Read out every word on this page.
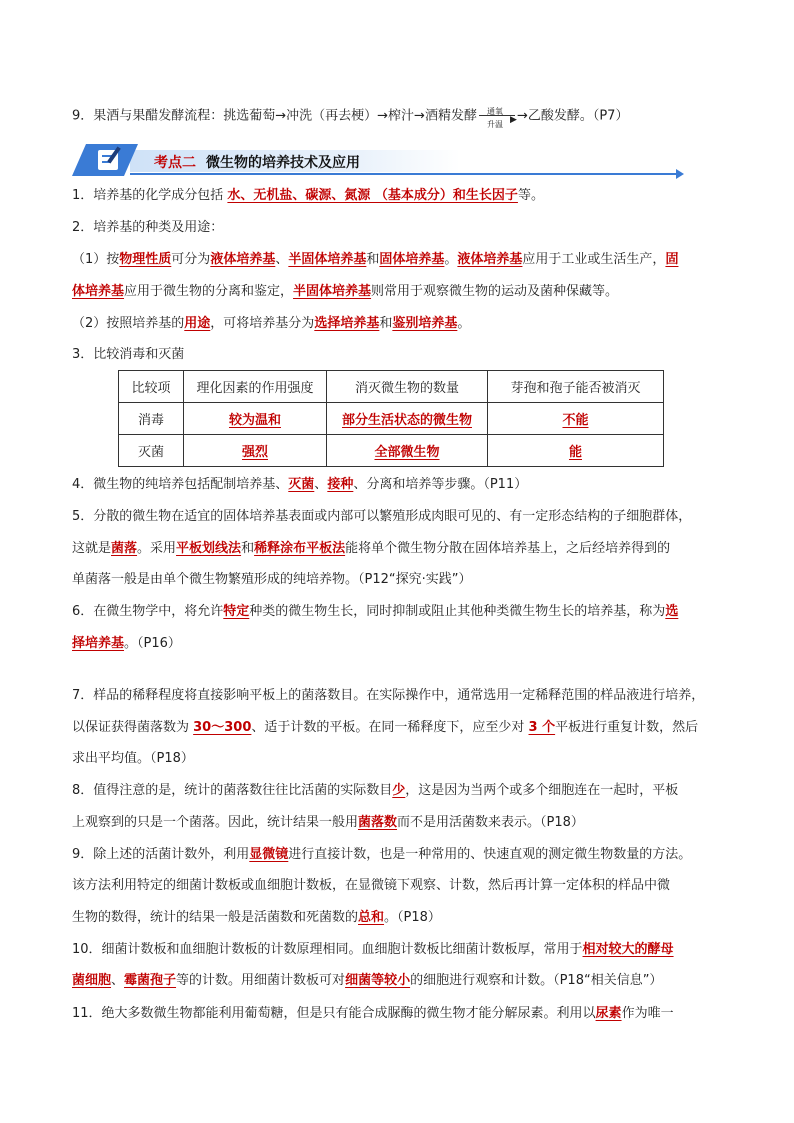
9．果酒与果醋发酵流程：挑选葡萄→冲洗（再去梗）→榨汁→酒精发酵 通氧
▶
升温
→乙酸发酵。（P7）
考点二 微生物的培养技术及应用
1．培养基的化学成分包括 水、无机盐、碳源、氮源 （基本成分）和生长因子等。
2．培养基的种类及用途：
（1）按物理性质可分为液体培养基、半固体培养基和固体培养基。液体培养基应用于工业或生活生产，固
体培养基应用于微生物的分离和鉴定，半固体培养基则常用于观察微生物的运动及菌种保藏等。
（2）按照培养基的用途，可将培养基分为选择培养基和鉴别培养基。
3．比较消毒和灭菌
比较项	理化因素的作用强度	消灭微生物的数量	芽孢和孢子能否被消灭
消毒	较为温和	部分生活状态的微生物	不能
灭菌	强烈	全部微生物	能
4．微生物的纯培养包括配制培养基、灭菌、接种、分离和培养等步骤。（P11）
5．分散的微生物在适宜的固体培养基表面或内部可以繁殖形成肉眼可见的、有一定形态结构的子细胞群体，
这就是菌落。采用平板划线法和稀释涂布平板法能将单个微生物分散在固体培养基上，之后经培养得到的
单菌落一般是由单个微生物繁殖形成的纯培养物。（P12“探究·实践”）
6．在微生物学中，将允许特定种类的微生物生长，同时抑制或阻止其他种类微生物生长的培养基，称为选
择培养基。（P16）
7．样品的稀释程度将直接影响平板上的菌落数目。在实际操作中，通常选用一定稀释范围的样品液进行培养，
以保证获得菌落数为 30～300、适于计数的平板。在同一稀释度下，应至少对 3 个平板进行重复计数，然后
求出平均值。（P18）
8．值得注意的是，统计的菌落数往往比活菌的实际数目少，这是因为当两个或多个细胞连在一起时，平板
上观察到的只是一个菌落。因此，统计结果一般用菌落数而不是用活菌数来表示。（P18）
9．除上述的活菌计数外，利用显微镜进行直接计数，也是一种常用的、快速直观的测定微生物数量的方法。
该方法利用特定的细菌计数板或血细胞计数板，在显微镜下观察、计数，然后再计算一定体积的样品中微
生物的数得，统计的结果一般是活菌数和死菌数的总和。（P18）
10．细菌计数板和血细胞计数板的计数原理相同。血细胞计数板比细菌计数板厚，常用于相对较大的酵母
菌细胞、霉菌孢子等的计数。用细菌计数板可对细菌等较小的细胞进行观察和计数。（P18“相关信息”）
11．绝大多数微生物都能利用葡萄糖，但是只有能合成脲酶的微生物才能分解尿素。利用以尿素作为唯一
